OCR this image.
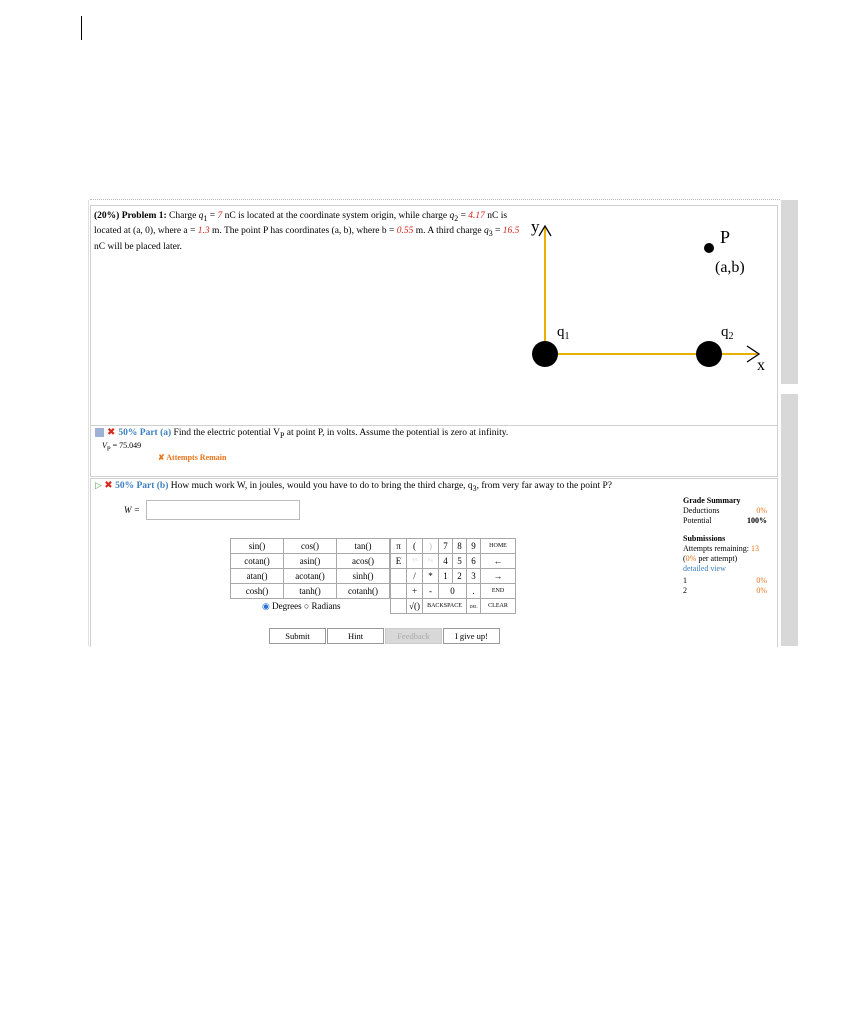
(20%) Problem 1: Charge $q_1 = 7$ nC is located at the coordinate system origin, while charge $q_2 = 4.17$ nC is located at (a, 0), where a = 1.3 m. The point P has coordinates (a, b), where b = 0.55 m. A third charge $q_3 = 16.5$ nC will be placed later.
y
x
P
(a,b)
$q_1$	$q_2$
✖ 50% Part (a) Find the electric potential $V_P$ at point P, in volts. Assume the potential is zero at infinity.
$V_P = 75.049$
✘ Attempts Remain
▷ ✖ 50% Part (b) How much work W, in joules, would you have to do to bring the third charge, $q_3$, from very far away to the point P?
W =
sin()	cos()	tan()
cotan()	asin()	acos()
atan()	acotan()	sinh()
cosh()	tanh()	cotanh()
◉ Degrees ○ Radians
π	(	)	7	8	9	HOME
E	↑^	^↓	4	5	6	←
	/	*	1	2	3	→
	+	-	0		.	END
	√()	BACKSPACE			DEL	CLEAR
Submit	Hint	Feedback	I give up!
Grade Summary
Deductions	0%
Potential	100%
Submissions
Attempts remaining: 13
(0% per attempt)
detailed view
1	0%
2	0%
